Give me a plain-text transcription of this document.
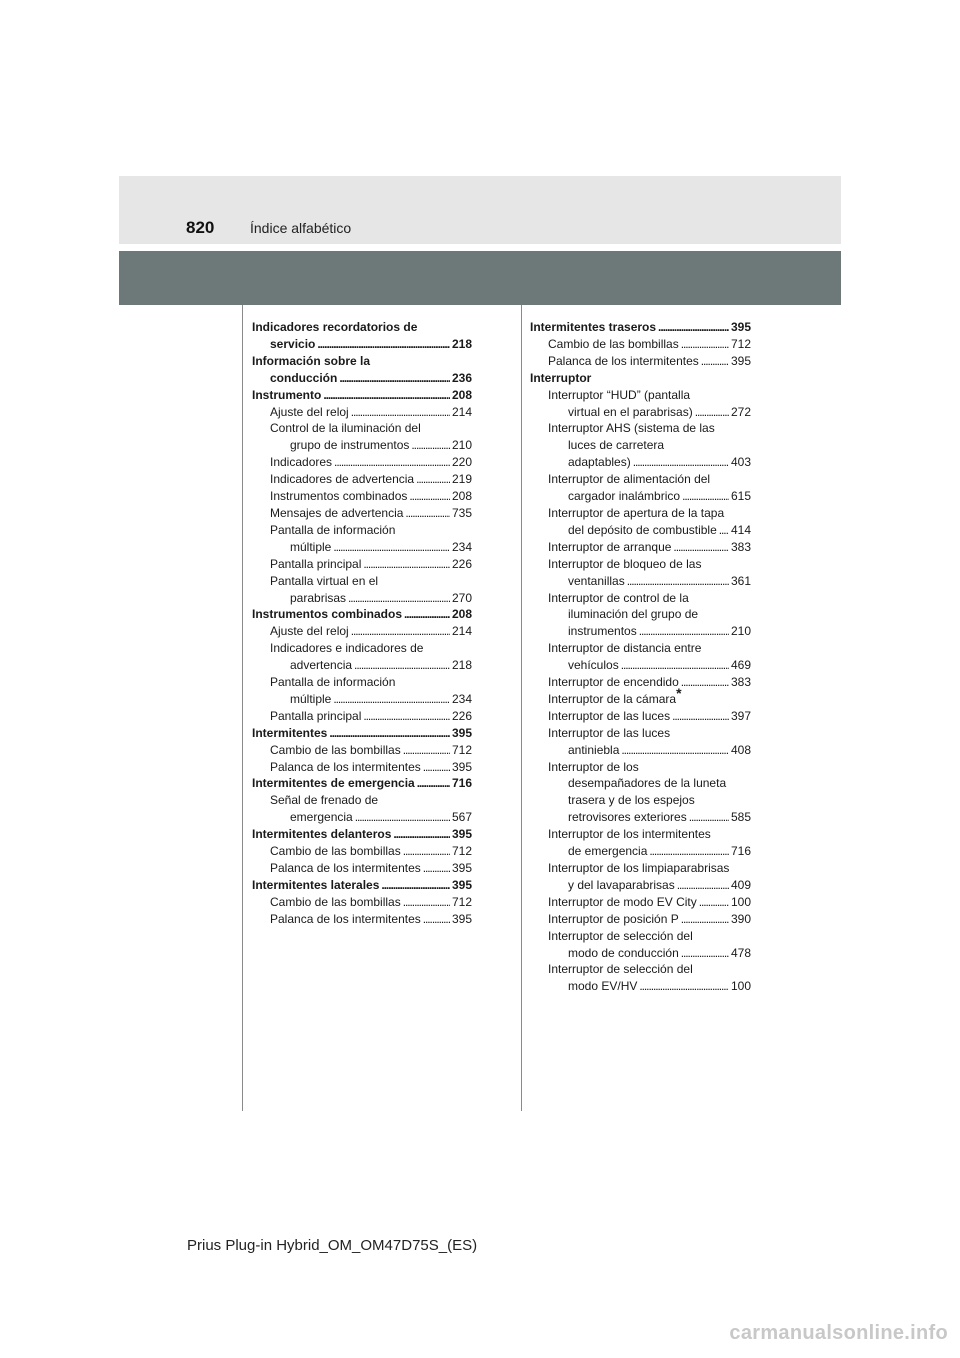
820	Índice alfabético
Indicadores recordatorios de
servicio . . .	218
Información sobre la
conducción . . .	236
Instrumento . . .	208
Ajuste del reloj . . .	214
Control de la iluminación del
grupo de instrumentos . . .	210
Indicadores . . .	220
Indicadores de advertencia . . .	219
Instrumentos combinados . . .	208
Mensajes de advertencia . . .	735
Pantalla de información
múltiple . . .	234
Pantalla principal . . .	226
Pantalla virtual en el
parabrisas . . .	270
Instrumentos combinados . . .	208
Ajuste del reloj . . .	214
Indicadores e indicadores de
advertencia . . .	218
Pantalla de información
múltiple . . .	234
Pantalla principal . . .	226
Intermitentes . . .	395
Cambio de las bombillas . . .	712
Palanca de los intermitentes . . .	395
Intermitentes de emergencia . . .	716
Señal de frenado de
emergencia . . .	567
Intermitentes delanteros . . .	395
Cambio de las bombillas . . .	712
Palanca de los intermitentes . . .	395
Intermitentes laterales . . .	395
Cambio de las bombillas . . .	712
Palanca de los intermitentes . . .	395
Intermitentes traseros . . .	395
Cambio de las bombillas . . .	712
Palanca de los intermitentes . . .	395
Interruptor
Interruptor “HUD” (pantalla
virtual en el parabrisas) . . .	272
Interruptor AHS (sistema de las
luces de carretera
adaptables) . . .	403
Interruptor de alimentación del
cargador inalámbrico . . .	615
Interruptor de apertura de la tapa
del depósito de combustible . . . 414
Interruptor de arranque . . .	383
Interruptor de bloqueo de las
ventanillas . . .	361
Interruptor de control de la
iluminación del grupo de
instrumentos . . .	210
Interruptor de distancia entre
vehículos . . .	469
Interruptor de encendido . . .	383
Interruptor de la cámara*
Interruptor de las luces . . .	397
Interruptor de las luces
antiniebla . . .	408
Interruptor de los
desempañadores de la luneta
trasera y de los espejos
retrovisores exteriores . . .	585
Interruptor de los intermitentes
de emergencia . . .	716
Interruptor de los limpiaparabrisas
y del lavaparabrisas . . .	409
Interruptor de modo EV City . . .	100
Interruptor de posición P . . .	390
Interruptor de selección del
modo de conducción . . .	478
Interruptor de selección del
modo EV/HV . . .	100
Prius Plug-in Hybrid_OM_OM47D75S_(ES)
carmanualsonline.info
